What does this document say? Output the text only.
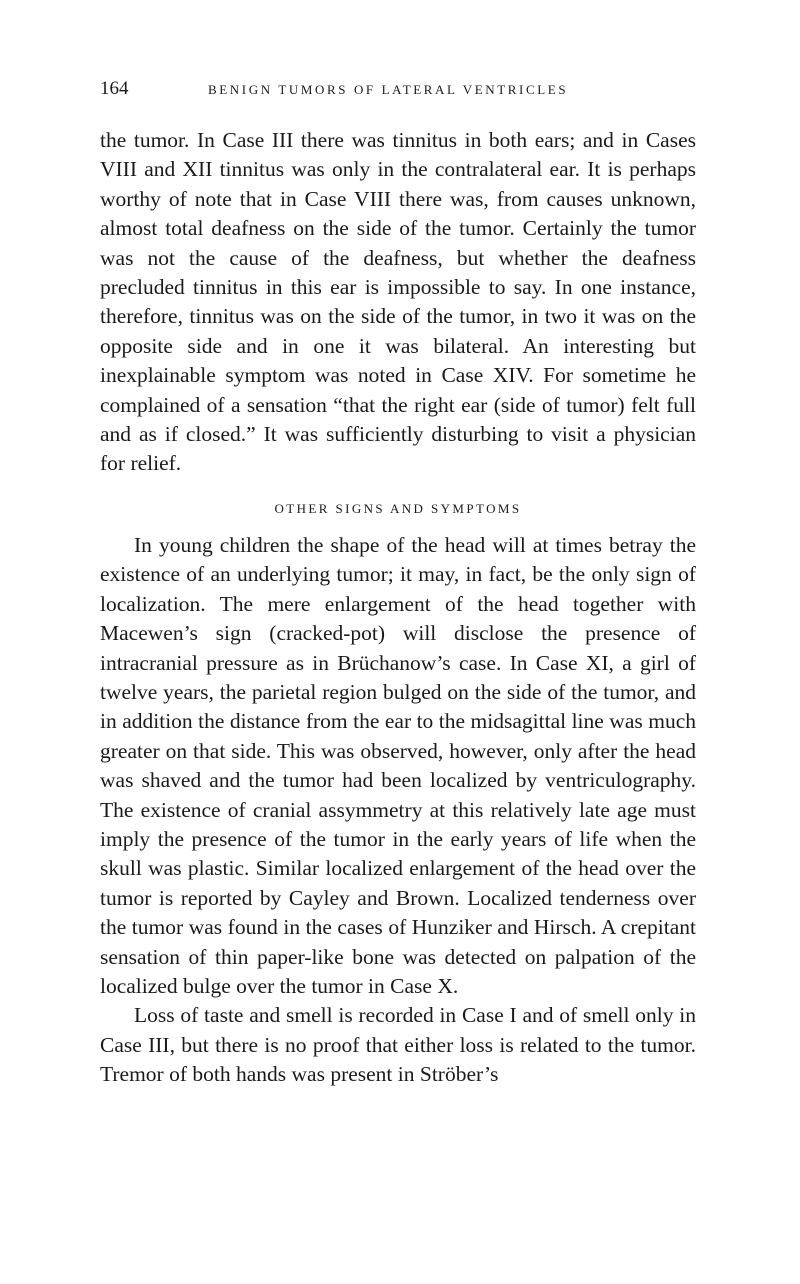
164	BENIGN TUMORS OF LATERAL VENTRICLES

the tumor. In Case III there was tinnitus in both ears; and in Cases VIII and XII tinnitus was only in the contralateral ear. It is perhaps worthy of note that in Case VIII there was, from causes unknown, almost total deafness on the side of the tumor. Certainly the tumor was not the cause of the deafness, but whether the deafness precluded tinnitus in this ear is impossible to say. In one instance, therefore, tinnitus was on the side of the tumor, in two it was on the opposite side and in one it was bilateral. An interesting but inexplainable symptom was noted in Case XIV. For sometime he complained of a sensation “that the right ear (side of tumor) felt full and as if closed.” It was sufficiently disturbing to visit a physician for relief.

OTHER SIGNS AND SYMPTOMS

In young children the shape of the head will at times betray the existence of an underlying tumor; it may, in fact, be the only sign of localization. The mere enlargement of the head together with Macewen’s sign (cracked-pot) will disclose the presence of intracranial pressure as in Brüchanow’s case. In Case XI, a girl of twelve years, the parietal region bulged on the side of the tumor, and in addition the distance from the ear to the midsagittal line was much greater on that side. This was observed, however, only after the head was shaved and the tumor had been localized by ventriculography. The existence of cranial assymmetry at this relatively late age must imply the presence of the tumor in the early years of life when the skull was plastic. Similar localized enlargement of the head over the tumor is reported by Cayley and Brown. Localized tenderness over the tumor was found in the cases of Hunziker and Hirsch. A crepitant sensation of thin paper-like bone was detected on palpation of the localized bulge over the tumor in Case X.

Loss of taste and smell is recorded in Case I and of smell only in Case III, but there is no proof that either loss is related to the tumor. Tremor of both hands was present in Ströber’s
